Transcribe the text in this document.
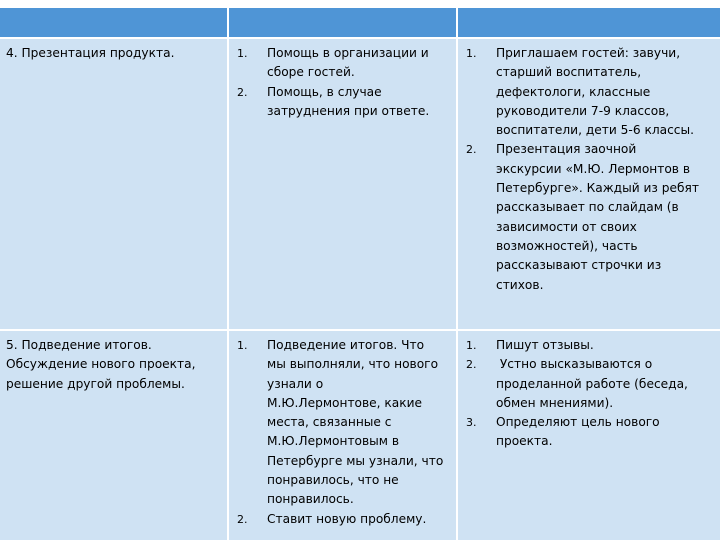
4. Презентация продукта.	1. Помощь в организации и
сборе гостей.
2. Помощь, в случае
затруднения при ответе.
1. Приглашаем гостей: завучи,
старший воспитатель,
дефектологи, классные
руководители 7-9 классов,
воспитатели, дети 5-6 классы.
2. Презентация заочной
экскурсии «М.Ю. Лермонтов в
Петербурге». Каждый из ребят
рассказывает по слайдам (в
зависимости от своих
возможностей), часть
рассказывают строчки из
стихов.
5. Подведение итогов.
Обсуждение нового проекта,
решение другой проблемы.
1. Подведение итогов. Что
мы выполняли, что нового
узнали о
М.Ю.Лермонтове, какие
места, связанные с
М.Ю.Лермонтовым в
Петербурге мы узнали, что
понравилось, что не
понравилось.
2. Ставит новую проблему.
1. Пишут отзывы.
2. Устно высказываются о
проделанной работе (беседа,
обмен мнениями).
3. Определяют цель нового
проекта.
